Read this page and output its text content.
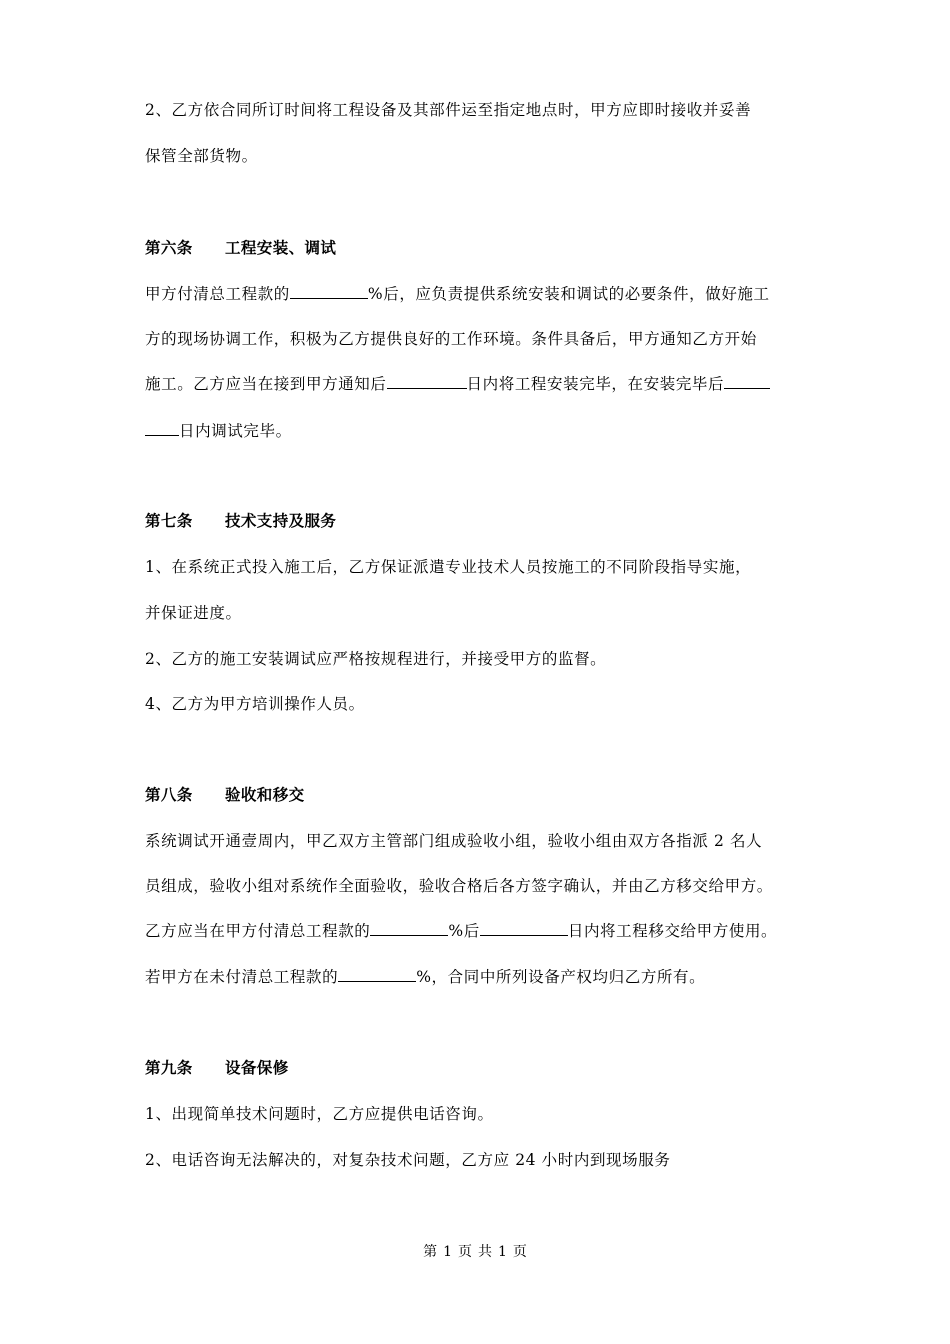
2、乙方依合同所订时间将工程设备及其部件运至指定地点时，甲方应即时接收并妥善
保管全部货物。
第六条 工程安装、调试
甲方付清总工程款的	%后，应负责提供系统安装和调试的必要条件，做好施工
方的现场协调工作，积极为乙方提供良好的工作环境。条件具备后，甲方通知乙方开始
施工。乙方应当在接到甲方通知后	日内将工程安装完毕，在安装完毕后
日内调试完毕。
第七条 技术支持及服务
1、在系统正式投入施工后，乙方保证派遣专业技术人员按施工的不同阶段指导实施，
并保证进度。
2、乙方的施工安装调试应严格按规程进行，并接受甲方的监督。
4、乙方为甲方培训操作人员。
第八条 验收和移交
系统调试开通壹周内，甲乙双方主管部门组成验收小组，验收小组由双方各指派 2 名人
员组成，验收小组对系统作全面验收，验收合格后各方签字确认，并由乙方移交给甲方。
乙方应当在甲方付清总工程款的	%后	日内将工程移交给甲方使用。
若甲方在未付清总工程款的	%，合同中所列设备产权均归乙方所有。
第九条 设备保修
1、出现简单技术问题时，乙方应提供电话咨询。
2、电话咨询无法解决的，对复杂技术问题，乙方应 24 小时内到现场服务
第 1 页 共 1 页
